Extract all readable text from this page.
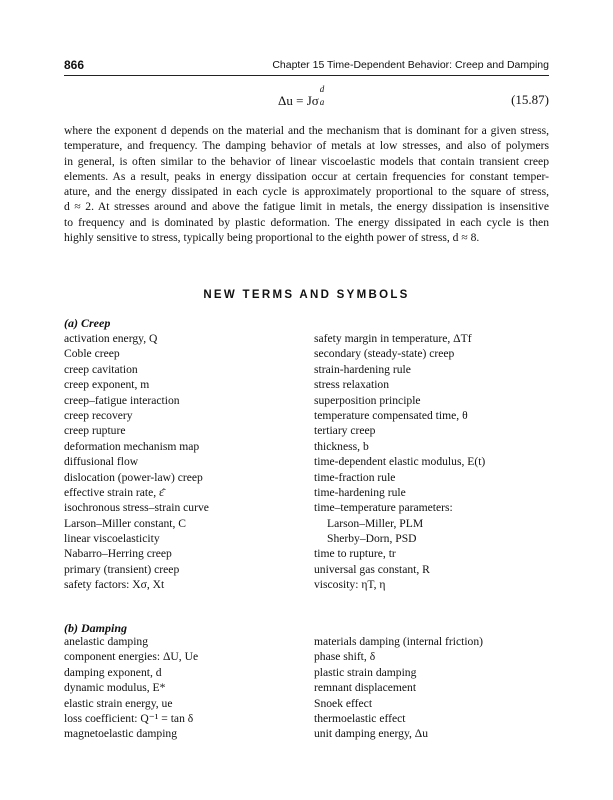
866	Chapter 15 Time-Dependent Behavior: Creep and Damping
Δu = Jσ
d
a	(15.87)

where the exponent d depends on the material and the mechanism that is dominant for a given stress,
temperature, and frequency. The damping behavior of metals at low stresses, and also of polymers
in general, is often similar to the behavior of linear viscoelastic models that contain transient creep
elements. As a result, peaks in energy dissipation occur at certain frequencies for constant temper-
ature, and the energy dissipated in each cycle is approximately proportional to the square of stress,
d ≈ 2. At stresses around and above the fatigue limit in metals, the energy dissipation is insensitive
to frequency and is dominated by plastic deformation. The energy dissipated in each cycle is then
highly sensitive to stress, typically being proportional to the eighth power of stress, d ≈ 8.

NEW TERMS AND SYMBOLS
(a) Creep
activation energy, Q
Coble creep
creep cavitation
creep exponent, m
creep–fatigue interaction
creep recovery
creep rupture
deformation mechanism map
diffusional flow
dislocation (power-law) creep
effective strain rate, ε̄̇
isochronous stress–strain curve
Larson–Miller constant, C
linear viscoelasticity
Nabarro–Herring creep
primary (transient) creep
safety factors: Xσ, Xt
safety margin in temperature, ΔTf
secondary (steady-state) creep
strain-hardening rule
stress relaxation
superposition principle
temperature compensated time, θ
tertiary creep
thickness, b
time-dependent elastic modulus, E(t)
time-fraction rule
time-hardening rule
time–temperature parameters:
Larson–Miller, PLM
Sherby–Dorn, PSD
time to rupture, tr
universal gas constant, R
viscosity: ηT, η
(b) Damping
anelastic damping
component energies: ΔU, Ue
damping exponent, d
dynamic modulus, E*
elastic strain energy, ue
loss coefficient: Q⁻¹ = tan δ
magnetoelastic damping
materials damping (internal friction)
phase shift, δ
plastic strain damping
remnant displacement
Snoek effect
thermoelastic effect
unit damping energy, Δu
